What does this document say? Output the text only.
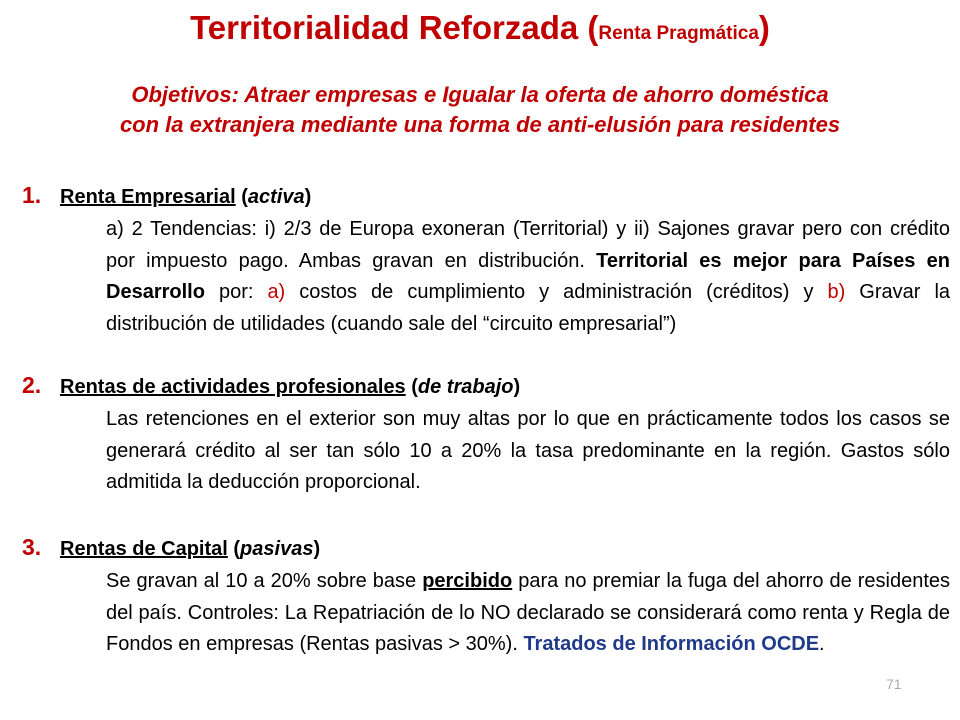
Territorialidad Reforzada (Renta Pragmática)
Objetivos: Atraer empresas e Igualar la oferta de ahorro doméstica
con la extranjera mediante una forma de anti-elusión para residentes
1. Renta Empresarial (activa)
a) 2 Tendencias: i) 2/3 de Europa exoneran (Territorial) y ii) Sajones gravar pero con crédito por impuesto pago. Ambas gravan en distribución. Territorial es mejor para Países en Desarrollo por: a) costos de cumplimiento y administración (créditos) y b) Gravar la distribución de utilidades (cuando sale del “circuito empresarial”)
2. Rentas de actividades profesionales (de trabajo)
Las retenciones en el exterior son muy altas por lo que en prácticamente todos los casos se generará crédito al ser tan sólo 10 a 20% la tasa predominante en la región. Gastos sólo admitida la deducción proporcional.
3. Rentas de Capital (pasivas)
Se gravan al 10 a 20% sobre base percibido para no premiar la fuga del ahorro de residentes del país. Controles: La Repatriación de lo NO declarado se considerará como renta y Regla de Fondos en empresas (Rentas pasivas > 30%). Tratados de Información OCDE.
71
